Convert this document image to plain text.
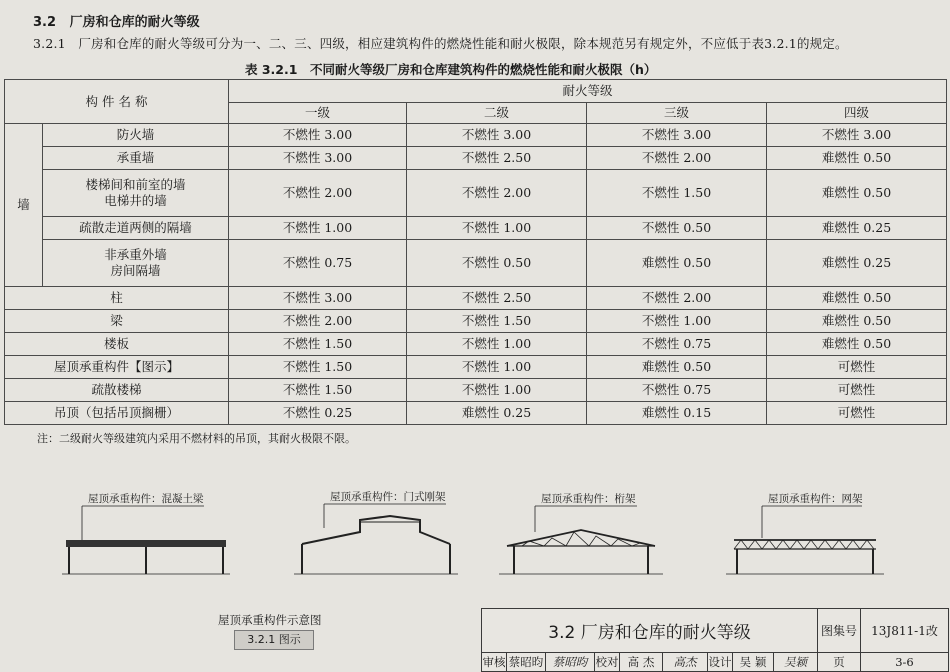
3.2 厂房和仓库的耐火等级
3.2.1 厂房和仓库的耐火等级可分为一、二、三、四级，相应建筑构件的燃烧性能和耐火极限，除本规范另有规定外，不应低于表3.2.1的规定。
表 3.2.1　不同耐火等级厂房和仓库建筑构件的燃烧性能和耐火极限（h）
构 件 名 称		耐火等级			
		一级	二级	三级	四级
墙	防火墙	不燃性 3.00	不燃性 3.00	不燃性 3.00	不燃性 3.00
	承重墙	不燃性 3.00	不燃性 2.50	不燃性 2.00	难燃性 0.50
	楼梯间和前室的墙
电梯井的墙	不燃性 2.00	不燃性 2.00	不燃性 1.50	难燃性 0.50
	疏散走道两侧的隔墙	不燃性 1.00	不燃性 1.00	不燃性 0.50	难燃性 0.25
	非承重外墙
房间隔墙	不燃性 0.75	不燃性 0.50	难燃性 0.50	难燃性 0.25
柱		不燃性 3.00	不燃性 2.50	不燃性 2.00	难燃性 0.50
梁		不燃性 2.00	不燃性 1.50	不燃性 1.00	难燃性 0.50
楼板		不燃性 1.50	不燃性 1.00	不燃性 0.75	难燃性 0.50
屋顶承重构件【图示】		不燃性 1.50	不燃性 1.00	难燃性 0.50	可燃性
疏散楼梯		不燃性 1.50	不燃性 1.00	不燃性 0.75	可燃性
吊顶（包括吊顶搁栅）		不燃性 0.25	难燃性 0.25	难燃性 0.15	可燃性
注：二级耐火等级建筑内采用不燃材料的吊顶，其耐火极限不限。
屋顶承重构件：混凝土梁	屋顶承重构件：门式刚架	屋顶承重构件：桁架	屋顶承重构件：网架
屋顶承重构件示意图
3.2.1 图示	3.2 厂房和仓库的耐火等级	图集号	13J811-1改
审核 蔡昭昀 蔡昭昀 校对 高 杰	高杰	设计 吴 颖	吴颖	页	3-6
